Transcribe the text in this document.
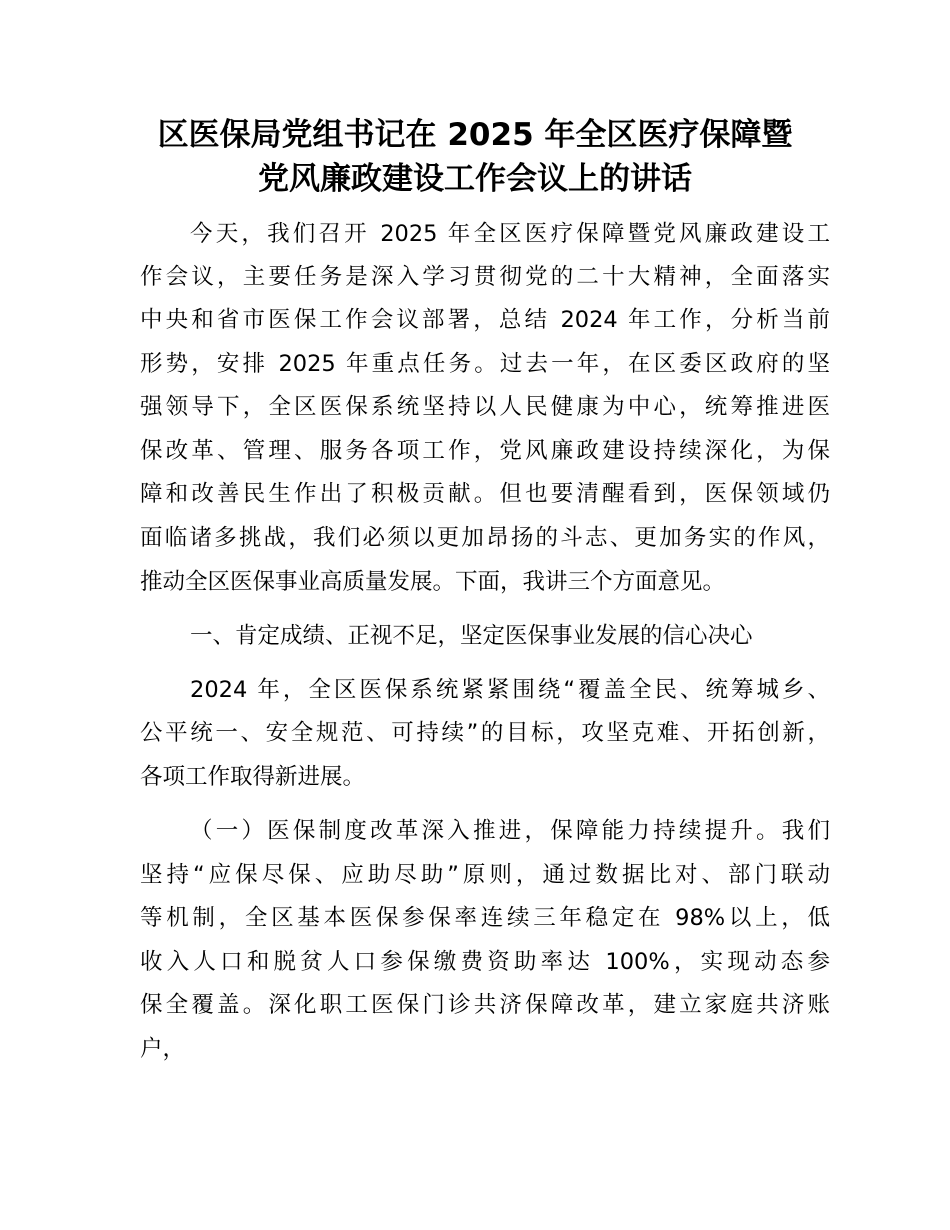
区医保局党组书记在 2025 年全区医疗保障暨
党风廉政建设工作会议上的讲话
今天，我们召开 2025 年全区医疗保障暨党风廉政建设工
作会议，主要任务是深入学习贯彻党的二十大精神，全面落实
中央和省市医保工作会议部署，总结 2024 年工作，分析当前
形势，安排 2025 年重点任务。过去一年，在区委区政府的坚
强领导下，全区医保系统坚持以人民健康为中心，统筹推进医
保改革、管理、服务各项工作，党风廉政建设持续深化，为保
障和改善民生作出了积极贡献。但也要清醒看到，医保领域仍
面临诸多挑战，我们必须以更加昂扬的斗志、更加务实的作风，
推动全区医保事业高质量发展。下面，我讲三个方面意见。
一、肯定成绩、正视不足，坚定医保事业发展的信心决心
2024 年，全区医保系统紧紧围绕“覆盖全民、统筹城乡、
公平统一、安全规范、可持续”的目标，攻坚克难、开拓创新，
各项工作取得新进展。
（一）医保制度改革深入推进，保障能力持续提升。我们
坚持“应保尽保、应助尽助”原则，通过数据比对、部门联动
等机制，全区基本医保参保率连续三年稳定在 98%以上，低
收入人口和脱贫人口参保缴费资助率达 100%，实现动态参
保全覆盖。深化职工医保门诊共济保障改革，建立家庭共济账
户，
